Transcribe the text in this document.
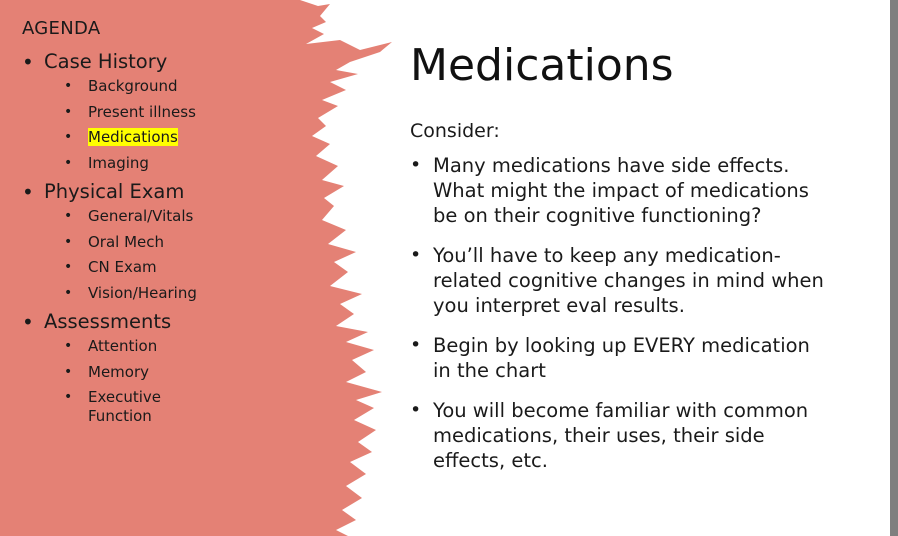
AGENDA
• Case History
• Background
• Present illness
• Medications
• Imaging
• Physical Exam
• General/Vitals
• Oral Mech
• CN Exam
• Vision/Hearing
• Assessments
• Attention
• Memory
• Executive Function
Medications
Consider:
• Many medications have side effects. What might the impact of medications be on their cognitive functioning?
• You’ll have to keep any medication-related cognitive changes in mind when you interpret eval results.
• Begin by looking up EVERY medication in the chart
• You will become familiar with common medications, their uses, their side effects, etc.
